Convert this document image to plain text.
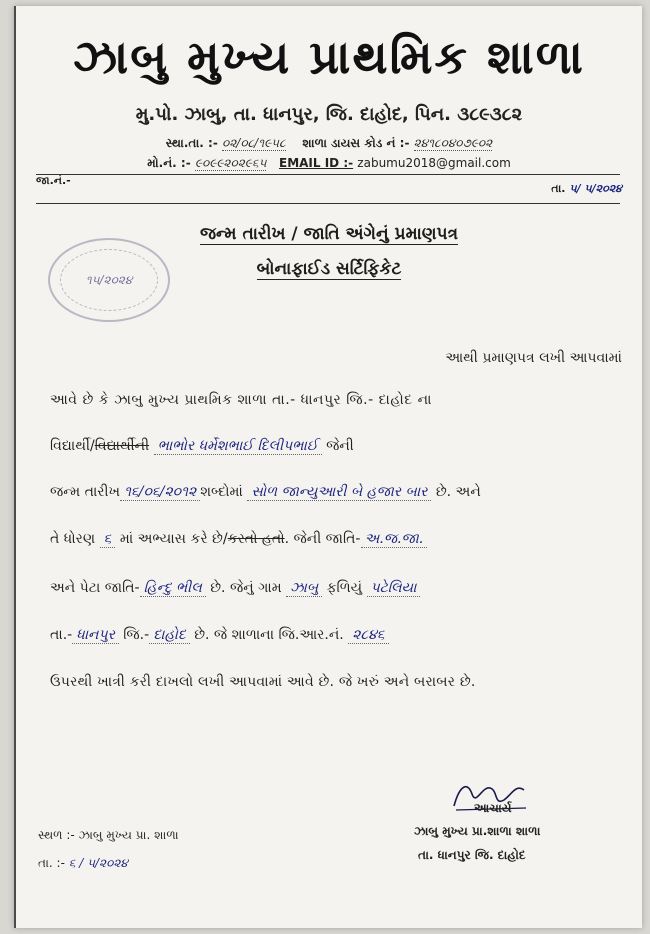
ઝાબુ મુખ્ય પ્રાથમિક શાળા
મુ.પો. ઝાબુ, તા. ધાનપુર, જિ. દાહોદ, પિન. ૩૮૯૩૮૨
સ્થા.તા. :- ૦૨/૦૮/૧૯૫૮ શાળા ડાયસ કોડ નં :- ૨૪૧૮૦૪૦૭૯૦૨
મો.નં. :- ૯૦૯૯૨૦૨૯૬૫ EMAIL ID :- zabumu2018@gmail.com
જા.નં.-
તા. ૫/ ૫/૨૦૨૪
૧૫/૨૦૨૪
જન્મ તારીખ / જાતિ અંગેનું પ્રમાણપત્ર
બોનાફાઈડ સર્ટિફિકેટ
આથી પ્રમાણપત્ર લખી આપવામાં
આવે છે કે ઝાબુ મુખ્ય પ્રાથમિક શાળા તા.- ધાનપુર જિ.- દાહોદ ના
વિદ્યાર્થી/વિદ્યાર્થીની ભાભોર ધર્મેશભાઈ દિલીપભાઈ જેની
જન્મ તારીખ ૧૬/૦૬/૨૦૧૨ શબ્દોમાં સોળ જાન્યુઆરી બે હજાર બાર છે. અને
તે ધોરણ ૬ માં અભ્યાસ કરે છે/કરતો હતો. જેની જાતિ- અ.જ.જા.
અને પેટા જાતિ- હિન્દુ ભીલ છે. જેનું ગામ ઝાબુ ફળિયું પટેલિયા
તા.- ધાનપુર જિ.- દાહોદ છે. જે શાળાના જિ.આર.નં. ૨૮૪૬
ઉપરથી ખાત્રી કરી દાખલો લખી આપવામાં આવે છે. જે ખરું અને બરાબર છે.
આચાર્ય
ઝાબુ મુખ્ય પ્રા.શાળા શાળા
તા. ધાનપુર જિ. દાહોદ
સ્થળ :- ઝાબુ મુખ્ય પ્રા. શાળા
તા. :- ૬ / ૫/૨૦૨૪
